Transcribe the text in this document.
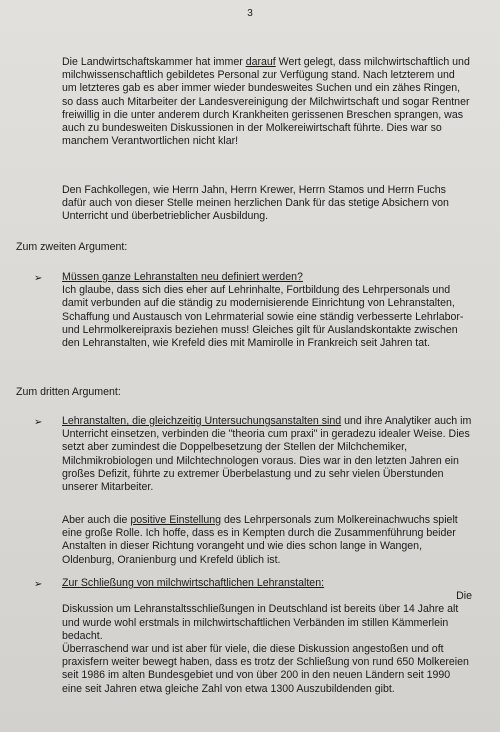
3

Die Landwirtschaftskammer hat immer darauf Wert gelegt, dass milchwirtschaftlich und milchwissenschaftlich gebildetes Personal zur Verfügung stand. Nach letzterem und um letzteres gab es aber immer wieder bundesweites Suchen und ein zähes Ringen, so dass auch Mitarbeiter der Landesvereinigung der Milchwirtschaft und sogar Rentner freiwillig in die unter anderem durch Krankheiten gerissenen Breschen sprangen, was auch zu bundesweiten Diskussionen in der Molkereiwirtschaft führte. Dies war so manchem Verantwortlichen nicht klar!

Den Fachkollegen, wie Herrn Jahn, Herrn Krewer, Herrn Stamos und Herrn Fuchs dafür auch von dieser Stelle meinen herzlichen Dank für das stetige Absichern von Unterricht und überbetrieblicher Ausbildung.

Zum zweiten Argument:
➢	Müssen ganze Lehranstalten neu definiert werden?
Ich glaube, dass sich dies eher auf Lehrinhalte, Fortbildung des Lehrpersonals und damit verbunden auf die ständig zu modernisierende Einrichtung von Lehranstalten, Schaffung und Austausch von Lehrmaterial sowie eine ständig verbesserte Lehrlabor- und Lehrmolkereipraxis beziehen muss! Gleiches gilt für Auslandskontakte zwischen den Lehranstalten, wie Krefeld dies mit Mamirolle in Frankreich seit Jahren tat.

Zum dritten Argument:
➢	Lehranstalten, die gleichzeitig Untersuchungsanstalten sind und ihre Analytiker auch im Unterricht einsetzen, verbinden die "theoria cum praxi" in geradezu idealer Weise. Dies setzt aber zumindest die Doppelbesetzung der Stellen der Milchchemiker, Milchmikrobiologen und Milchtechnologen voraus. Dies war in den letzten Jahren ein großes Defizit, führte zu extremer Überbelastung und zu sehr vielen Überstunden unserer Mitarbeiter.

Aber auch die positive Einstellung des Lehrpersonals zum Molkereinachwuchs spielt eine große Rolle. Ich hoffe, dass es in Kempten durch die Zusammenführung beider Anstalten in dieser Richtung vorangeht und wie dies schon lange in Wangen, Oldenburg, Oranienburg und Krefeld üblich ist.

➢	Zur Schließung von milchwirtschaftlichen Lehranstalten:

Die

Diskussion um Lehranstaltsschließungen in Deutschland ist bereits über 14 Jahre alt und wurde wohl erstmals in milchwirtschaftlichen Verbänden im stillen Kämmerlein bedacht.

Überraschend war und ist aber für viele, die diese Diskussion angestoßen und oft praxisfern weiter bewegt haben, dass es trotz der Schließung von rund 650 Molkereien seit 1986 im alten Bundesgebiet und von über 200 in den neuen Ländern seit 1990 eine seit Jahren etwa gleiche Zahl von etwa 1300 Auszubildenden gibt.
